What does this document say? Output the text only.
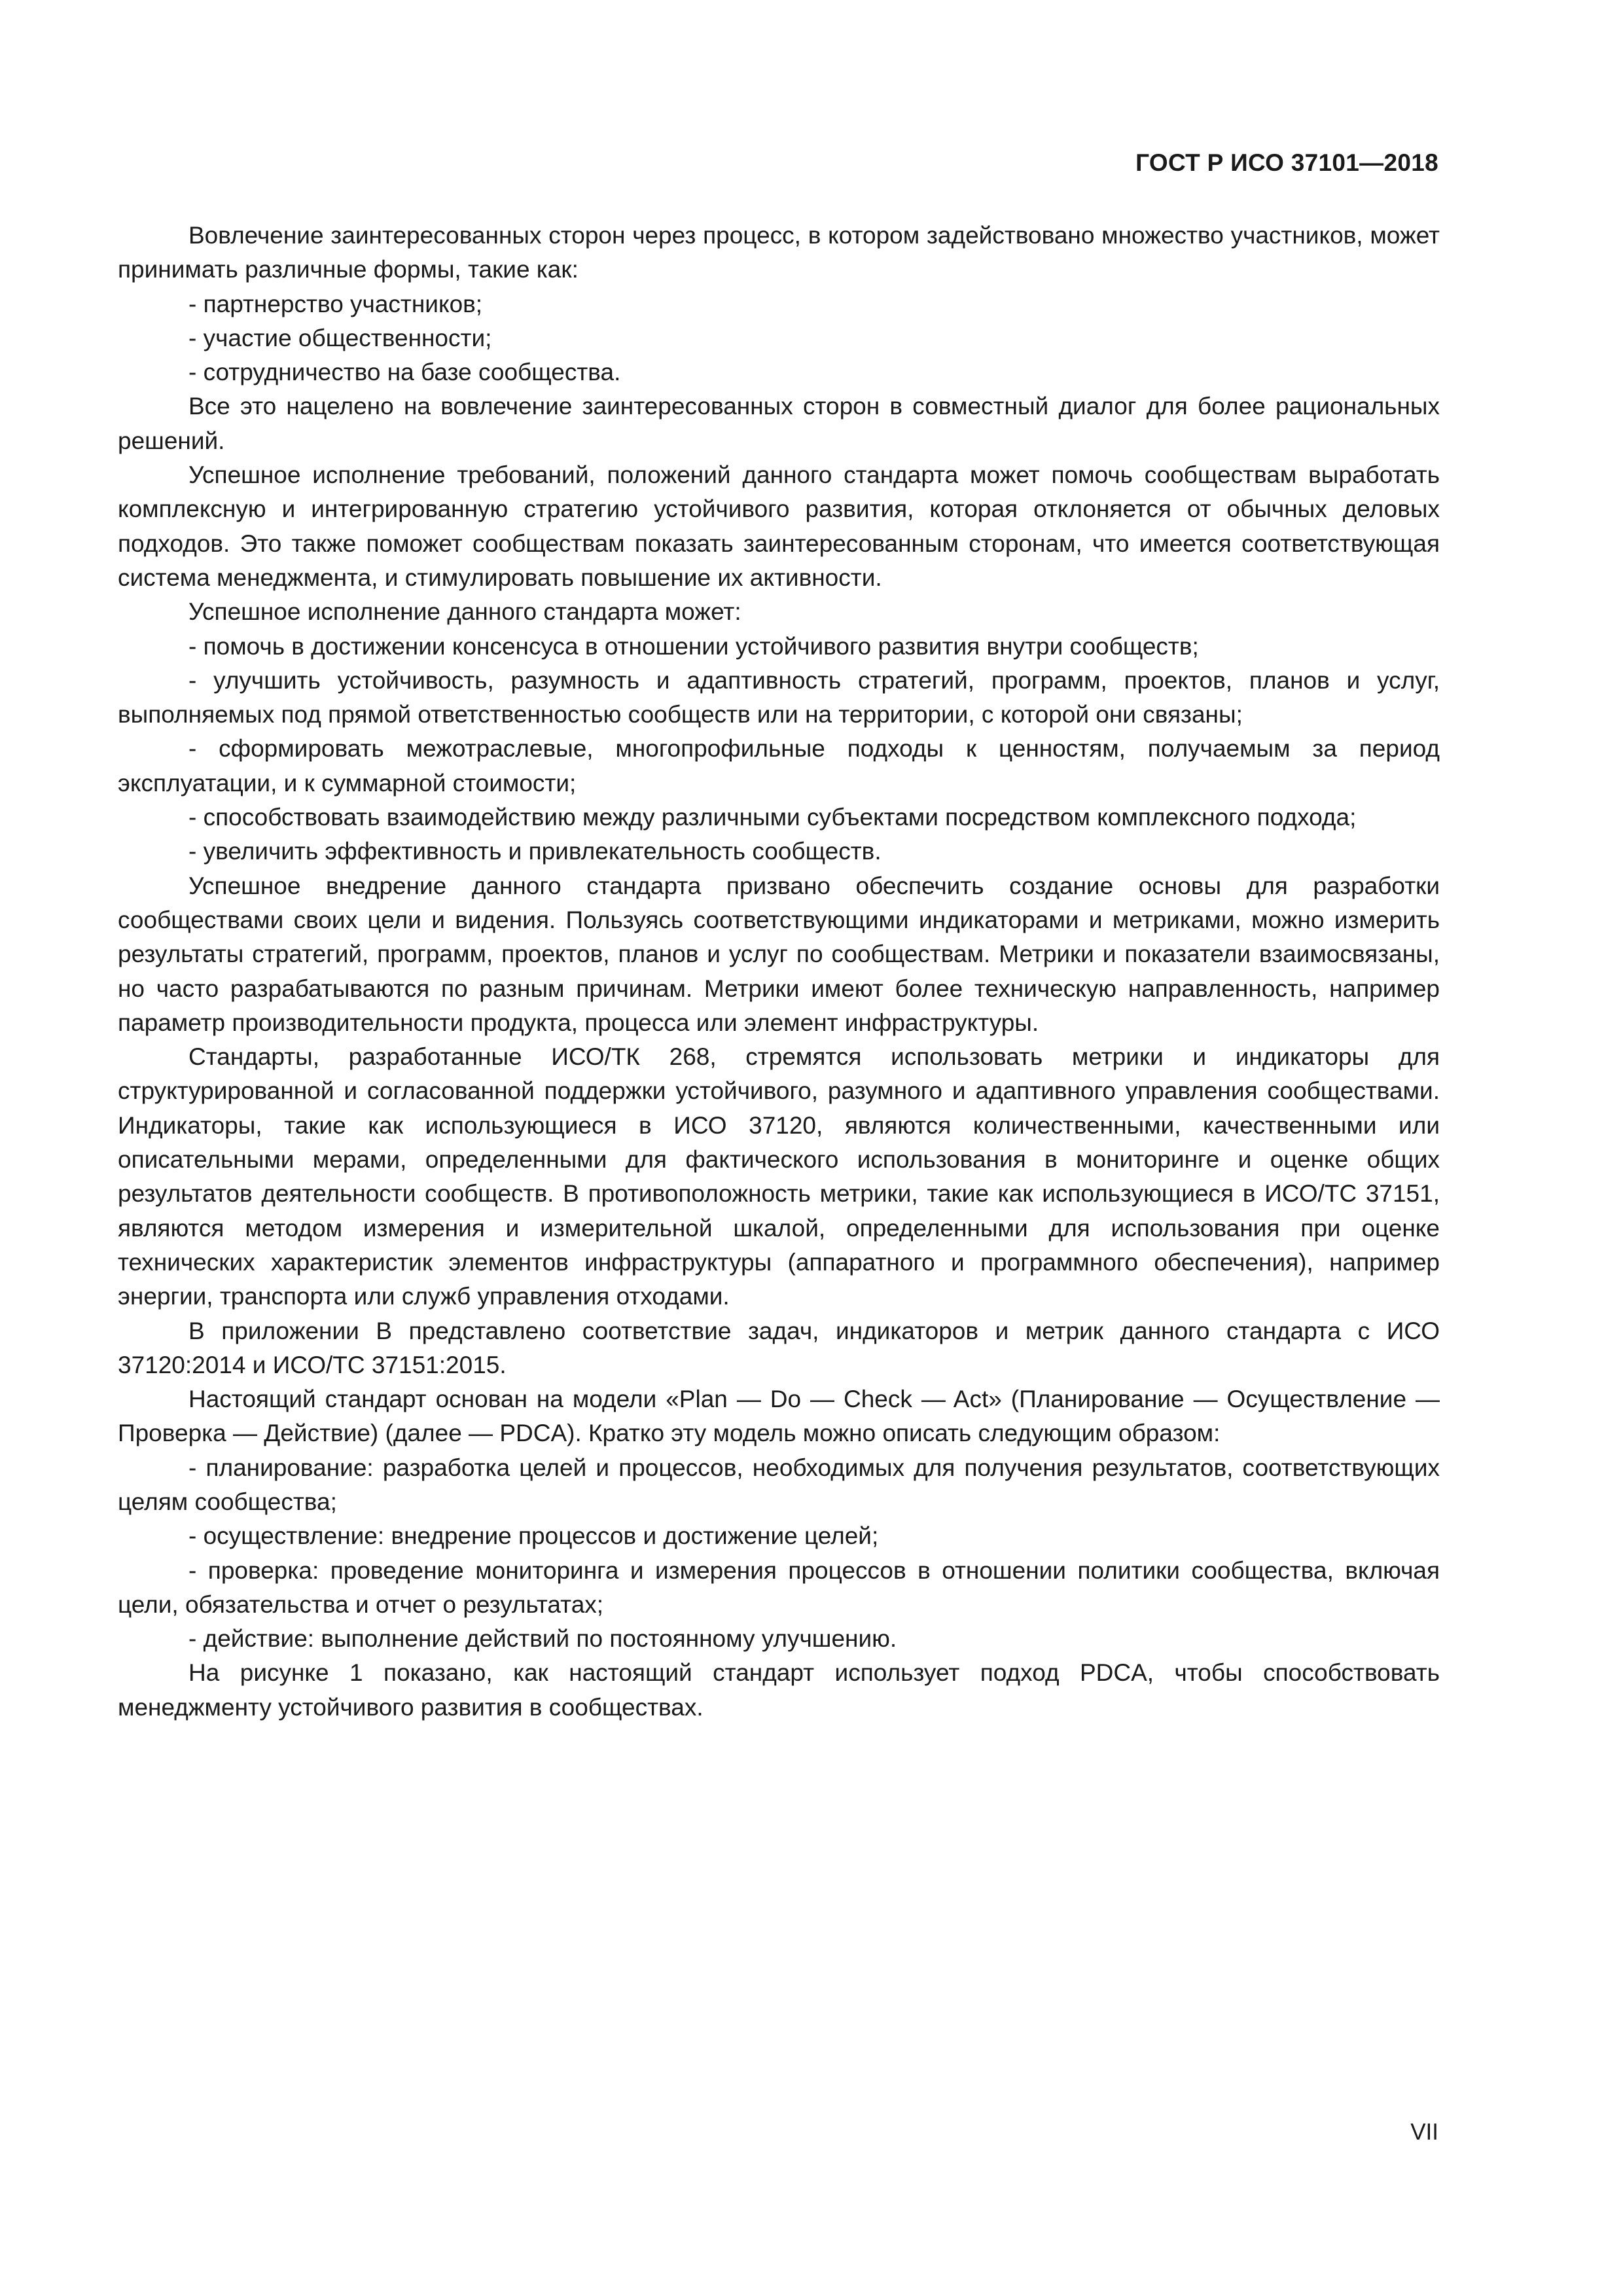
ГОСТ Р ИСО 37101—2018

Вовлечение заинтересованных сторон через процесс, в котором задействовано множество участников, может принимать различные формы, такие как:

- партнерство участников;

- участие общественности;

- сотрудничество на базе сообщества.

Все это нацелено на вовлечение заинтересованных сторон в совместный диалог для более рациональных решений.

Успешное исполнение требований, положений данного стандарта может помочь сообществам выработать комплексную и интегрированную стратегию устойчивого развития, которая отклоняется от обычных деловых подходов. Это также поможет сообществам показать заинтересованным сторонам, что имеется соответствующая система менеджмента, и стимулировать повышение их активности.

Успешное исполнение данного стандарта может:

- помочь в достижении консенсуса в отношении устойчивого развития внутри сообществ;

- улучшить устойчивость, разумность и адаптивность стратегий, программ, проектов, планов и услуг, выполняемых под прямой ответственностью сообществ или на территории, с которой они связаны;

- сформировать межотраслевые, многопрофильные подходы к ценностям, получаемым за период эксплуатации, и к суммарной стоимости;

- способствовать взаимодействию между различными субъектами посредством комплексного подхода;

- увеличить эффективность и привлекательность сообществ.

Успешное внедрение данного стандарта призвано обеспечить создание основы для разработки сообществами своих цели и видения. Пользуясь соответствующими индикаторами и метриками, можно измерить результаты стратегий, программ, проектов, планов и услуг по сообществам. Метрики и показатели взаимосвязаны, но часто разрабатываются по разным причинам. Метрики имеют более техническую направленность, например параметр производительности продукта, процесса или элемент инфраструктуры.

Стандарты, разработанные ИСО/ТК 268, стремятся использовать метрики и индикаторы для структурированной и согласованной поддержки устойчивого, разумного и адаптивного управления сообществами. Индикаторы, такие как использующиеся в ИСО 37120, являются количественными, качественными или описательными мерами, определенными для фактического использования в мониторинге и оценке общих результатов деятельности сообществ. В противоположность метрики, такие как использующиеся в ИСО/ТС 37151, являются методом измерения и измерительной шкалой, определенными для использования при оценке технических характеристик элементов инфраструктуры (аппаратного и программного обеспечения), например энергии, транспорта или служб управления отходами.

В приложении В представлено соответствие задач, индикаторов и метрик данного стандарта с ИСО 37120:2014 и ИСО/ТС 37151:2015.

Настоящий стандарт основан на модели «Plan — Do — Check — Act» (Планирование — Осуществление — Проверка — Действие) (далее — PDCA). Кратко эту модель можно описать следующим образом:

- планирование: разработка целей и процессов, необходимых для получения результатов, соответствующих целям сообщества;

- осуществление: внедрение процессов и достижение целей;

- проверка: проведение мониторинга и измерения процессов в отношении политики сообщества, включая цели, обязательства и отчет о результатах;

- действие: выполнение действий по постоянному улучшению.

На рисунке 1 показано, как настоящий стандарт использует подход PDCA, чтобы способствовать менеджменту устойчивого развития в сообществах.

VII
